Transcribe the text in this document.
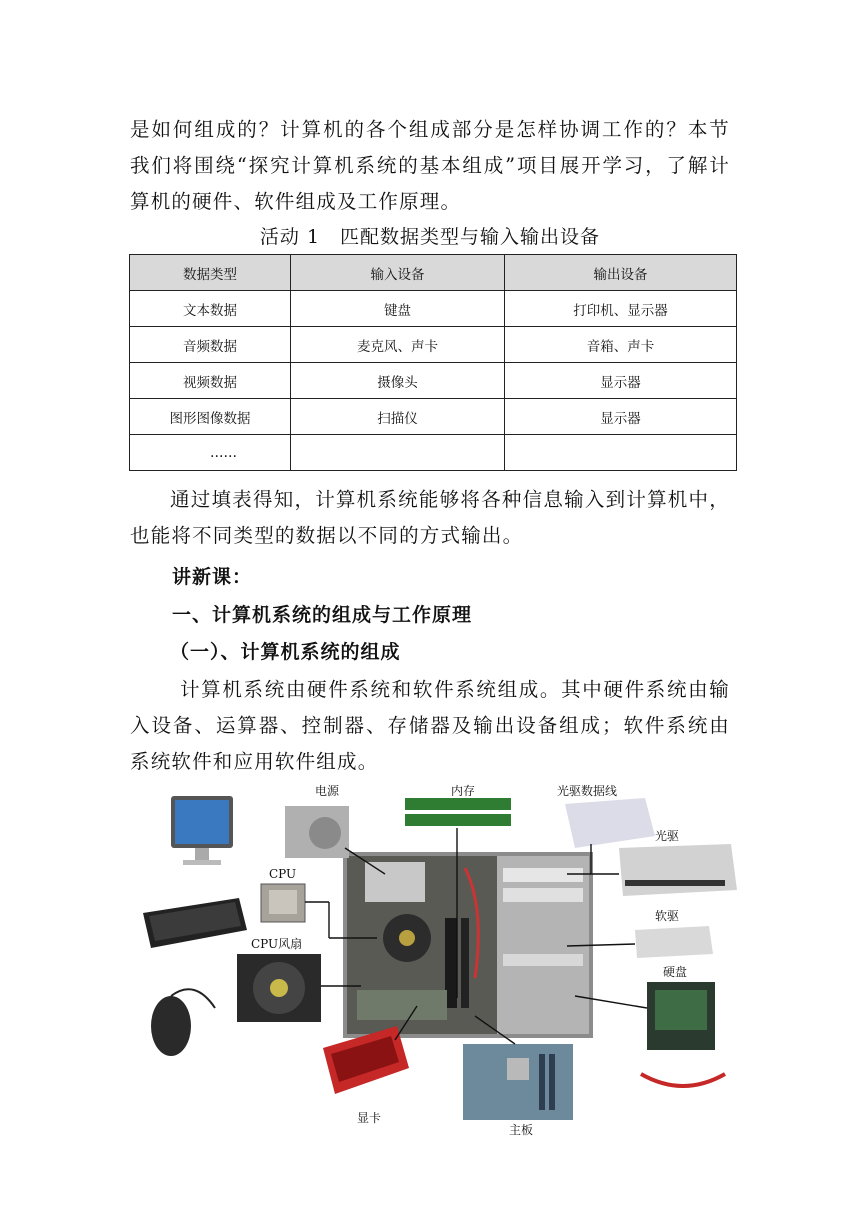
是如何组成的？计算机的各个组成部分是怎样协调工作的？本节我们将围绕“探究计算机系统的基本组成”项目展开学习，了解计算机的硬件、软件组成及工作原理。

活动 1　匹配数据类型与输入输出设备
数据类型	输入设备	输出设备
文本数据	键盘	打印机、显示器
音频数据	麦克风、声卡	音箱、声卡
视频数据	摄像头	显示器
图形图像数据	扫描仪	显示器
……		

通过填表得知，计算机系统能够将各种信息输入到计算机中，也能将不同类型的数据以不同的方式输出。

讲新课：
一、计算机系统的组成与工作原理
（一）、计算机系统的组成

计算机系统由硬件系统和软件系统组成。其中硬件系统由输入设备、运算器、控制器、存储器及输出设备组成；软件系统由系统软件和应用软件组成。

电源	内存	光驱数据线
光驱
CPU
软驱
CPU风扇
硬盘
显卡
主板
